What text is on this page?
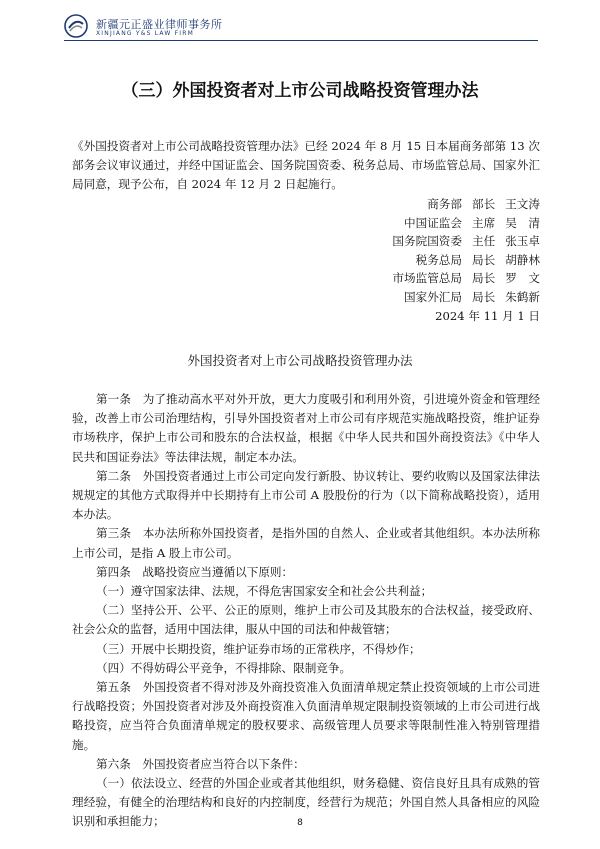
新疆元正盛业律师事务所
XINJIANG Y&S LAW FIRM
（三）外国投资者对上市公司战略投资管理办法

《外国投资者对上市公司战略投资管理办法》已经 2024 年 8 月 15 日本届商务部第 13 次部务会议审议通过，并经中国证监会、国务院国资委、税务总局、市场监管总局、国家外汇局同意，现予公布，自 2024 年 12 月 2 日起施行。

商务部 部长 王文涛
中国证监会 主席 吴　清
国务院国资委 主任 张玉卓
税务总局 局长 胡静林
市场监管总局 局长 罗　文
国家外汇局 局长 朱鹤新
2024 年 11 月 1 日
外国投资者对上市公司战略投资管理办法

第一条　为了推动高水平对外开放，更大力度吸引和利用外资，引进境外资金和管理经验，改善上市公司治理结构，引导外国投资者对上市公司有序规范实施战略投资，维护证券市场秩序，保护上市公司和股东的合法权益，根据《中华人民共和国外商投资法》《中华人民共和国证券法》等法律法规，制定本办法。

第二条　外国投资者通过上市公司定向发行新股、协议转让、要约收购以及国家法律法规规定的其他方式取得并中长期持有上市公司 A 股股份的行为（以下简称战略投资），适用本办法。

第三条　本办法所称外国投资者，是指外国的自然人、企业或者其他组织。本办法所称上市公司，是指 A 股上市公司。

第四条　战略投资应当遵循以下原则：

（一）遵守国家法律、法规，不得危害国家安全和社会公共利益；

（二）坚持公开、公平、公正的原则，维护上市公司及其股东的合法权益，接受政府、社会公众的监督，适用中国法律，服从中国的司法和仲裁管辖；

（三）开展中长期投资，维护证券市场的正常秩序，不得炒作；

（四）不得妨碍公平竞争，不得排除、限制竞争。

第五条　外国投资者不得对涉及外商投资准入负面清单规定禁止投资领域的上市公司进行战略投资；外国投资者对涉及外商投资准入负面清单规定限制投资领域的上市公司进行战略投资，应当符合负面清单规定的股权要求、高级管理人员要求等限制性准入特别管理措施。

第六条　外国投资者应当符合以下条件：

（一）依法设立、经营的外国企业或者其他组织，财务稳健、资信良好且具有成熟的管理经验，有健全的治理结构和良好的内控制度，经营行为规范；外国自然人具备相应的风险识别和承担能力；	8
